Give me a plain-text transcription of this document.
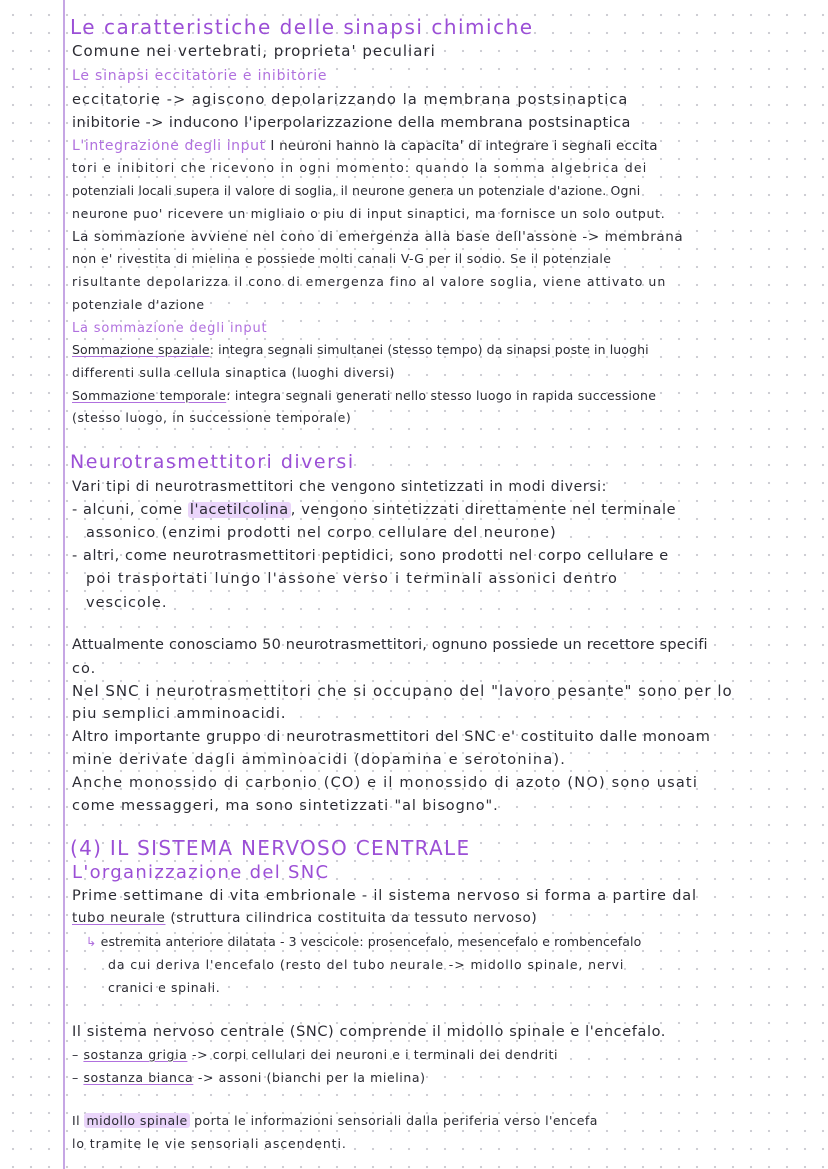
Le caratteristiche delle sinapsi chimiche
Comune nei vertebrati, proprieta' peculiari
Le sinapsi eccitatorie e inibitorie
eccitatorie -> agiscono depolarizzando la membrana postsinaptica
inibitorie -> inducono l'iperpolarizzazione della membrana postsinaptica
L'integrazione degli input I neuroni hanno la capacita' di integrare i segnali eccita
tori e inibitori che ricevono in ogni momento: quando la somma algebrica dei
potenziali locali supera il valore di soglia, il neurone genera un potenziale d'azione. Ogni
neurone puo' ricevere un migliaio o piu di input sinaptici, ma fornisce un solo output.
La sommazione avviene nel cono di emergenza alla base dell'assone -> membrana
non e' rivestita di mielina e possiede molti canali V-G per il sodio. Se il potenziale
risultante depolarizza il cono di emergenza fino al valore soglia, viene attivato un
potenziale d'azione
La sommazione degli input
Sommazione spaziale: integra segnali simultanei (stesso tempo) da sinapsi poste in luoghi
differenti sulla cellula sinaptica (luoghi diversi)
Sommazione temporale: integra segnali generati nello stesso luogo in rapida successione
(stesso luogo, in successione temporale)
Neurotrasmettitori diversi
Vari tipi di neurotrasmettitori che vengono sintetizzati in modi diversi:
- alcuni, come l'acetilcolina , vengono sintetizzati direttamente nel terminale
assonico (enzimi prodotti nel corpo cellulare del neurone)
- altri, come neurotrasmettitori peptidici, sono prodotti nel corpo cellulare e
poi trasportati lungo l'assone verso i terminali assonici dentro
vescicole.
Attualmente conosciamo 50 neurotrasmettitori, ognuno possiede un recettore specifi
co.
Nel SNC i neurotrasmettitori che si occupano del "lavoro pesante" sono per lo
piu semplici amminoacidi.
Altro importante gruppo di neurotrasmettitori del SNC e' costituito dalle monoam
mine derivate dagli amminoacidi (dopamina e serotonina).
Anche monossido di carbonio (CO) e il monossido di azoto (NO) sono usati
come messaggeri, ma sono sintetizzati "al bisogno".
(4) IL SISTEMA NERVOSO CENTRALE
L'organizzazione del SNC
Prime settimane di vita embrionale - il sistema nervoso si forma a partire dal
tubo neurale (struttura cilindrica costituita da tessuto nervoso)
↳ estremita anteriore dilatata - 3 vescicole: prosencefalo, mesencefalo e rombencefalo
da cui deriva l'encefalo (resto del tubo neurale -> midollo spinale, nervi
cranici e spinali.
Il sistema nervoso centrale (SNC) comprende il midollo spinale e l'encefalo.
– sostanza grigia -> corpi cellulari dei neuroni e i terminali dei dendriti
– sostanza bianca -> assoni (bianchi per la mielina)
Il midollo spinale porta le informazioni sensoriali dalla periferia verso l'encefa
lo tramite le vie sensoriali ascendenti.
